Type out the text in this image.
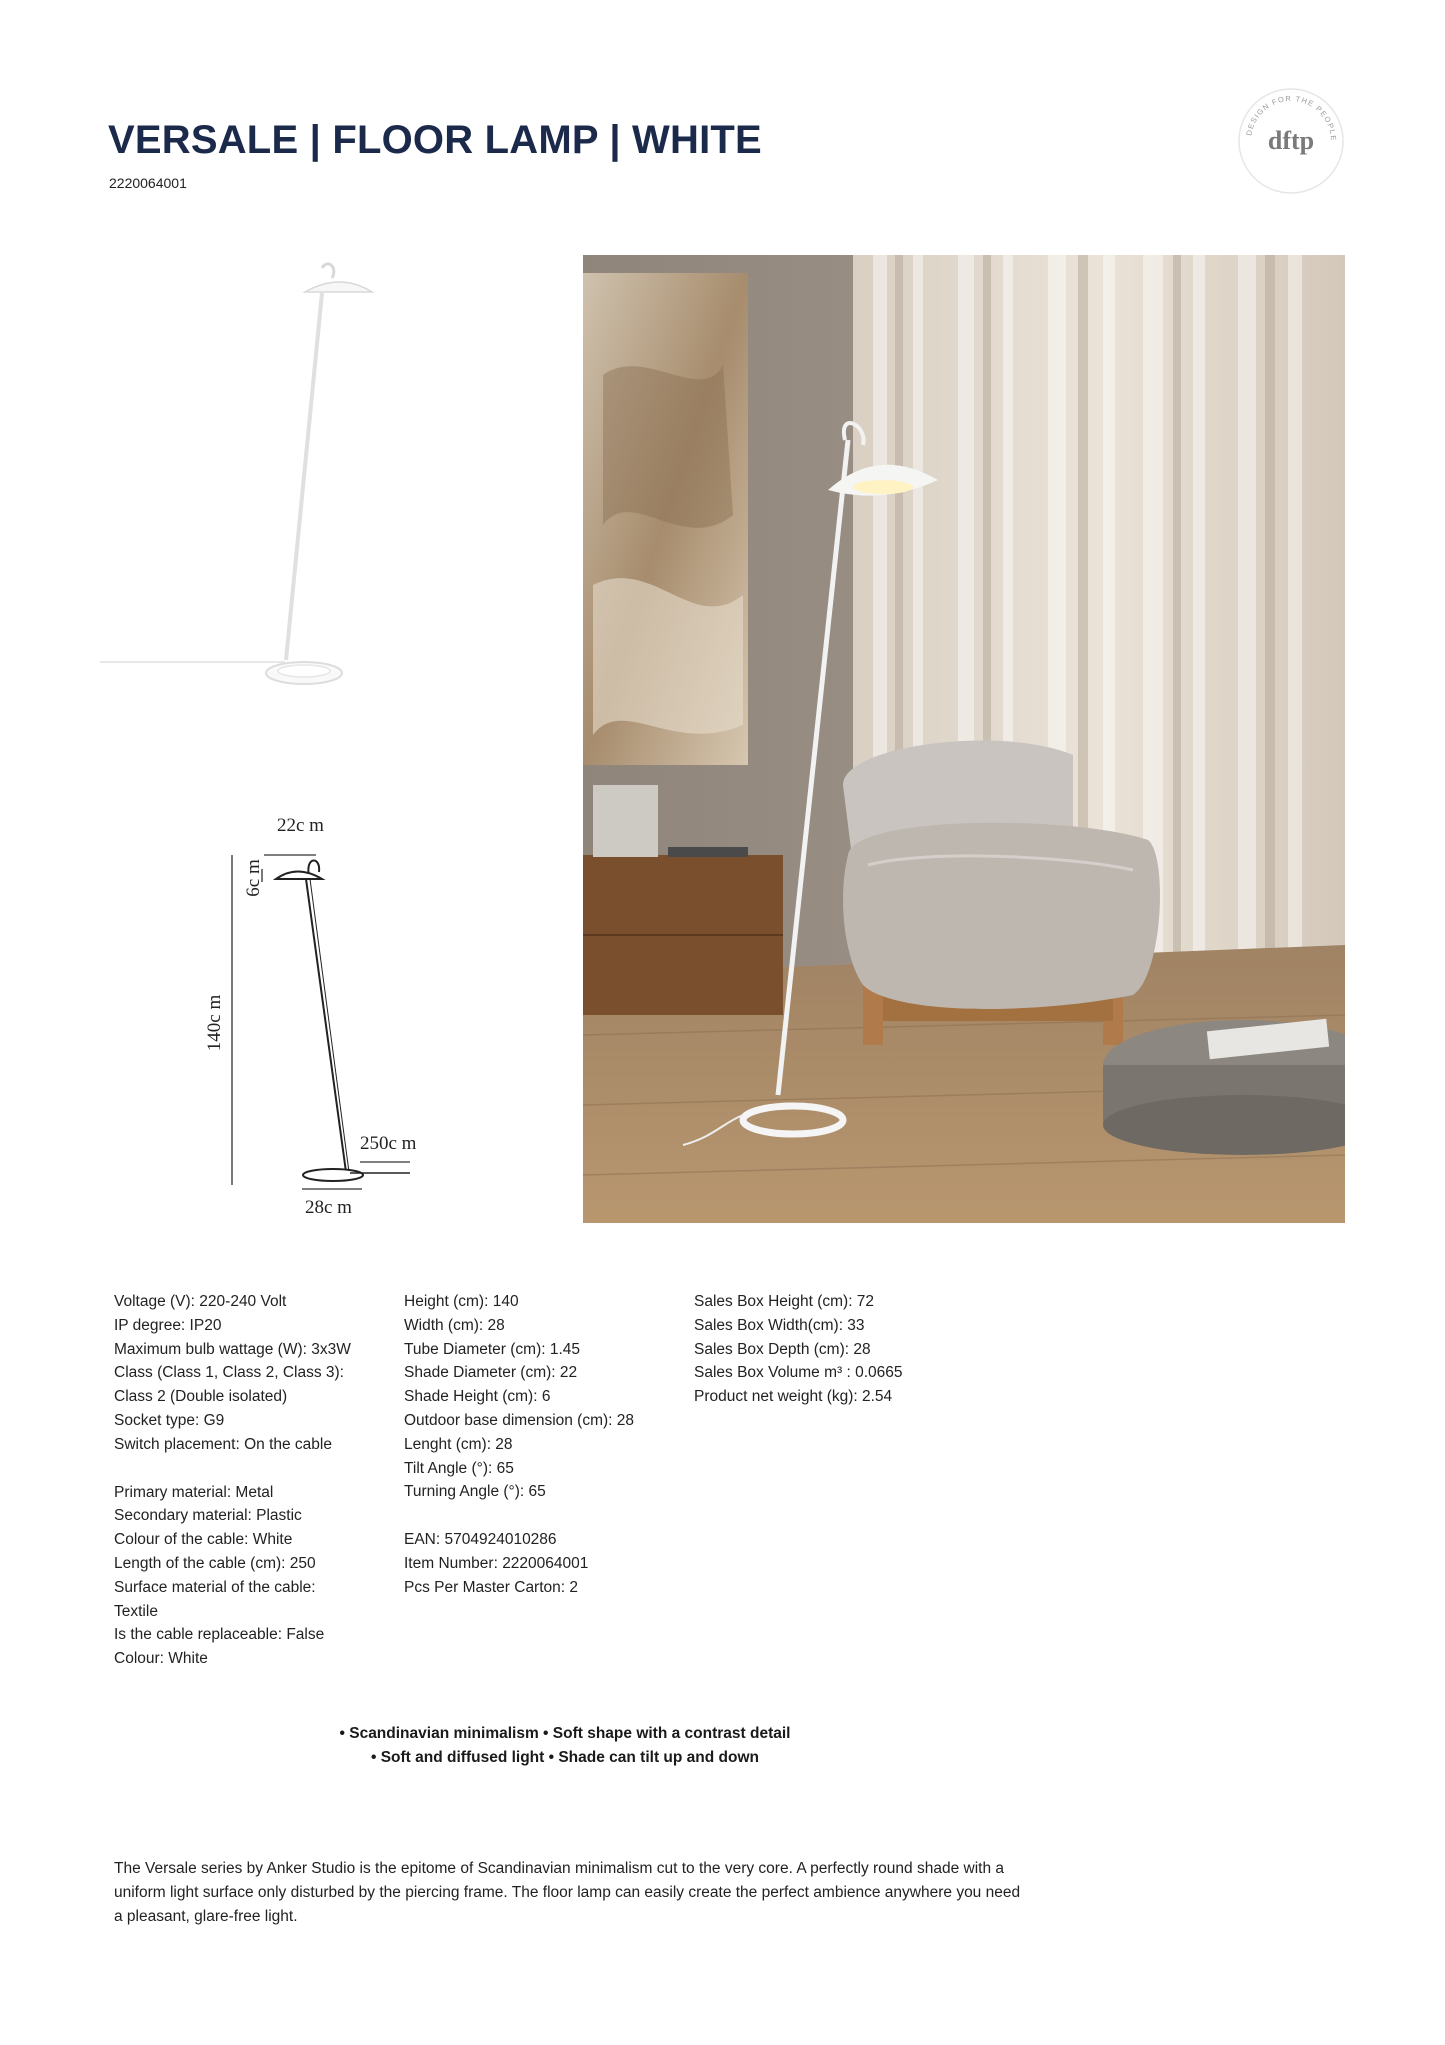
VERSALE | FLOOR LAMP | WHITE
2220064001
DESIGN FOR THE PEOPLE
dftp
22c m
6c m
140c m
250c m
28c m
Voltage (V): 220-240 Volt
IP degree: IP20
Maximum bulb wattage (W): 3x3W
Class (Class 1, Class 2, Class 3):
Class 2 (Double isolated)
Socket type: G9
Switch placement: On the cable
Primary material: Metal
Secondary material: Plastic
Colour of the cable: White
Length of the cable (cm): 250
Surface material of the cable:
Textile
Is the cable replaceable: False
Colour: White
Height (cm): 140
Width (cm): 28
Tube Diameter (cm): 1.45
Shade Diameter (cm): 22
Shade Height (cm): 6
Outdoor base dimension (cm): 28
Lenght (cm): 28
Tilt Angle (°): 65
Turning Angle (°): 65
EAN: 5704924010286
Item Number: 2220064001
Pcs Per Master Carton: 2
Sales Box Height (cm): 72
Sales Box Width(cm): 33
Sales Box Depth (cm): 28
Sales Box Volume m³ : 0.0665
Product net weight (kg): 2.54
• Scandinavian minimalism • Soft shape with a contrast detail
• Soft and diffused light • Shade can tilt up and down
The Versale series by Anker Studio is the epitome of Scandinavian minimalism cut to the very core. A perfectly round shade with a uniform light surface only disturbed by the piercing frame. The floor lamp can easily create the perfect ambience anywhere you need a pleasant, glare-free light.
